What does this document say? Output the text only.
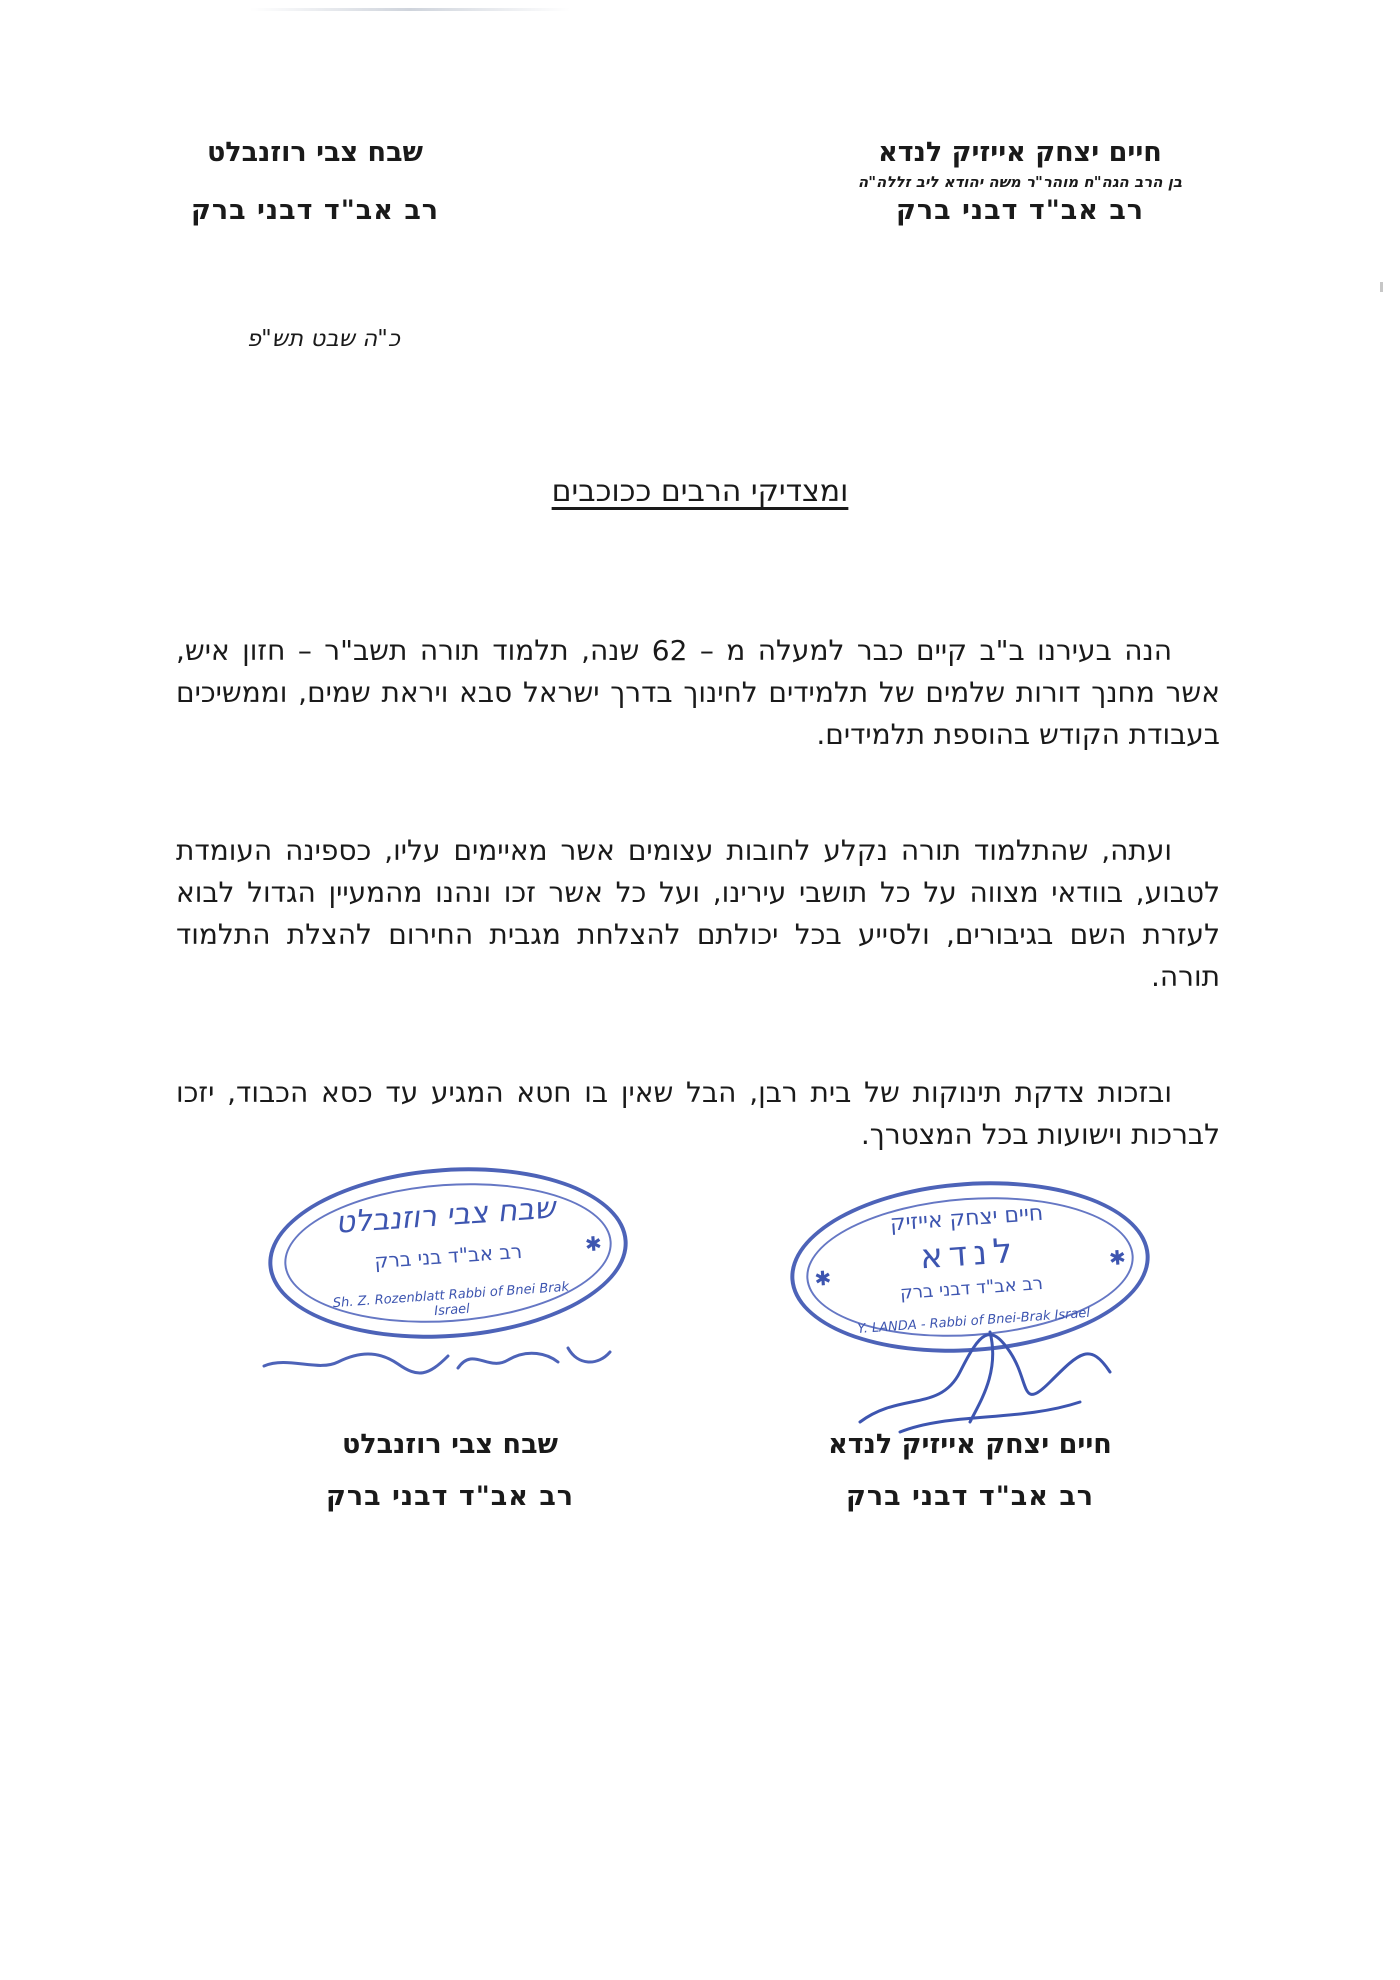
חיים יצחק אייזיק לנדא
בן הרב הגה"ח מוהר"ר משה יהודא ליב זללה"ה
רב אב"ד דבני ברק
שבח צבי רוזנבלט
רב אב"ד דבני ברק
כ"ה שבט תש"פ
ומצדיקי הרבים ככוכבים
הנה בעירנו ב"ב קיים כבר למעלה מ – 62 שנה, תלמוד תורה תשב"ר – חזון איש, אשר מחנך דורות שלמים של תלמידים לחינוך בדרך ישראל סבא ויראת שמים, וממשיכים בעבודת הקודש בהוספת תלמידים.
ועתה, שהתלמוד תורה נקלע לחובות עצומים אשר מאיימים עליו, כספינה העומדת לטבוע, בוודאי מצווה על כל תושבי עירינו, ועל כל אשר זכו ונהנו מהמעיין הגדול לבוא לעזרת השם בגיבורים, ולסייע בכל יכולתם להצלחת מגבית החירום להצלת התלמוד תורה.
ובזכות צדקת תינוקות של בית רבן, הבל שאין בו חטא המגיע עד כסא הכבוד, יזכו לברכות וישועות בכל המצטרך.
✱
שבח צבי רוזנבלט
רב אב"ד בני ברק
Sh. Z. Rozenblatt Rabbi of Bnei Brak Israel
✱
✱
חיים יצחק אייזיק
לנדא
רב אב"ד דבני ברק
Y. LANDA - Rabbi of Bnei-Brak Israel
שבח צבי רוזנבלט
רב אב"ד דבני ברק
חיים יצחק אייזיק לנדא
רב אב"ד דבני ברק
